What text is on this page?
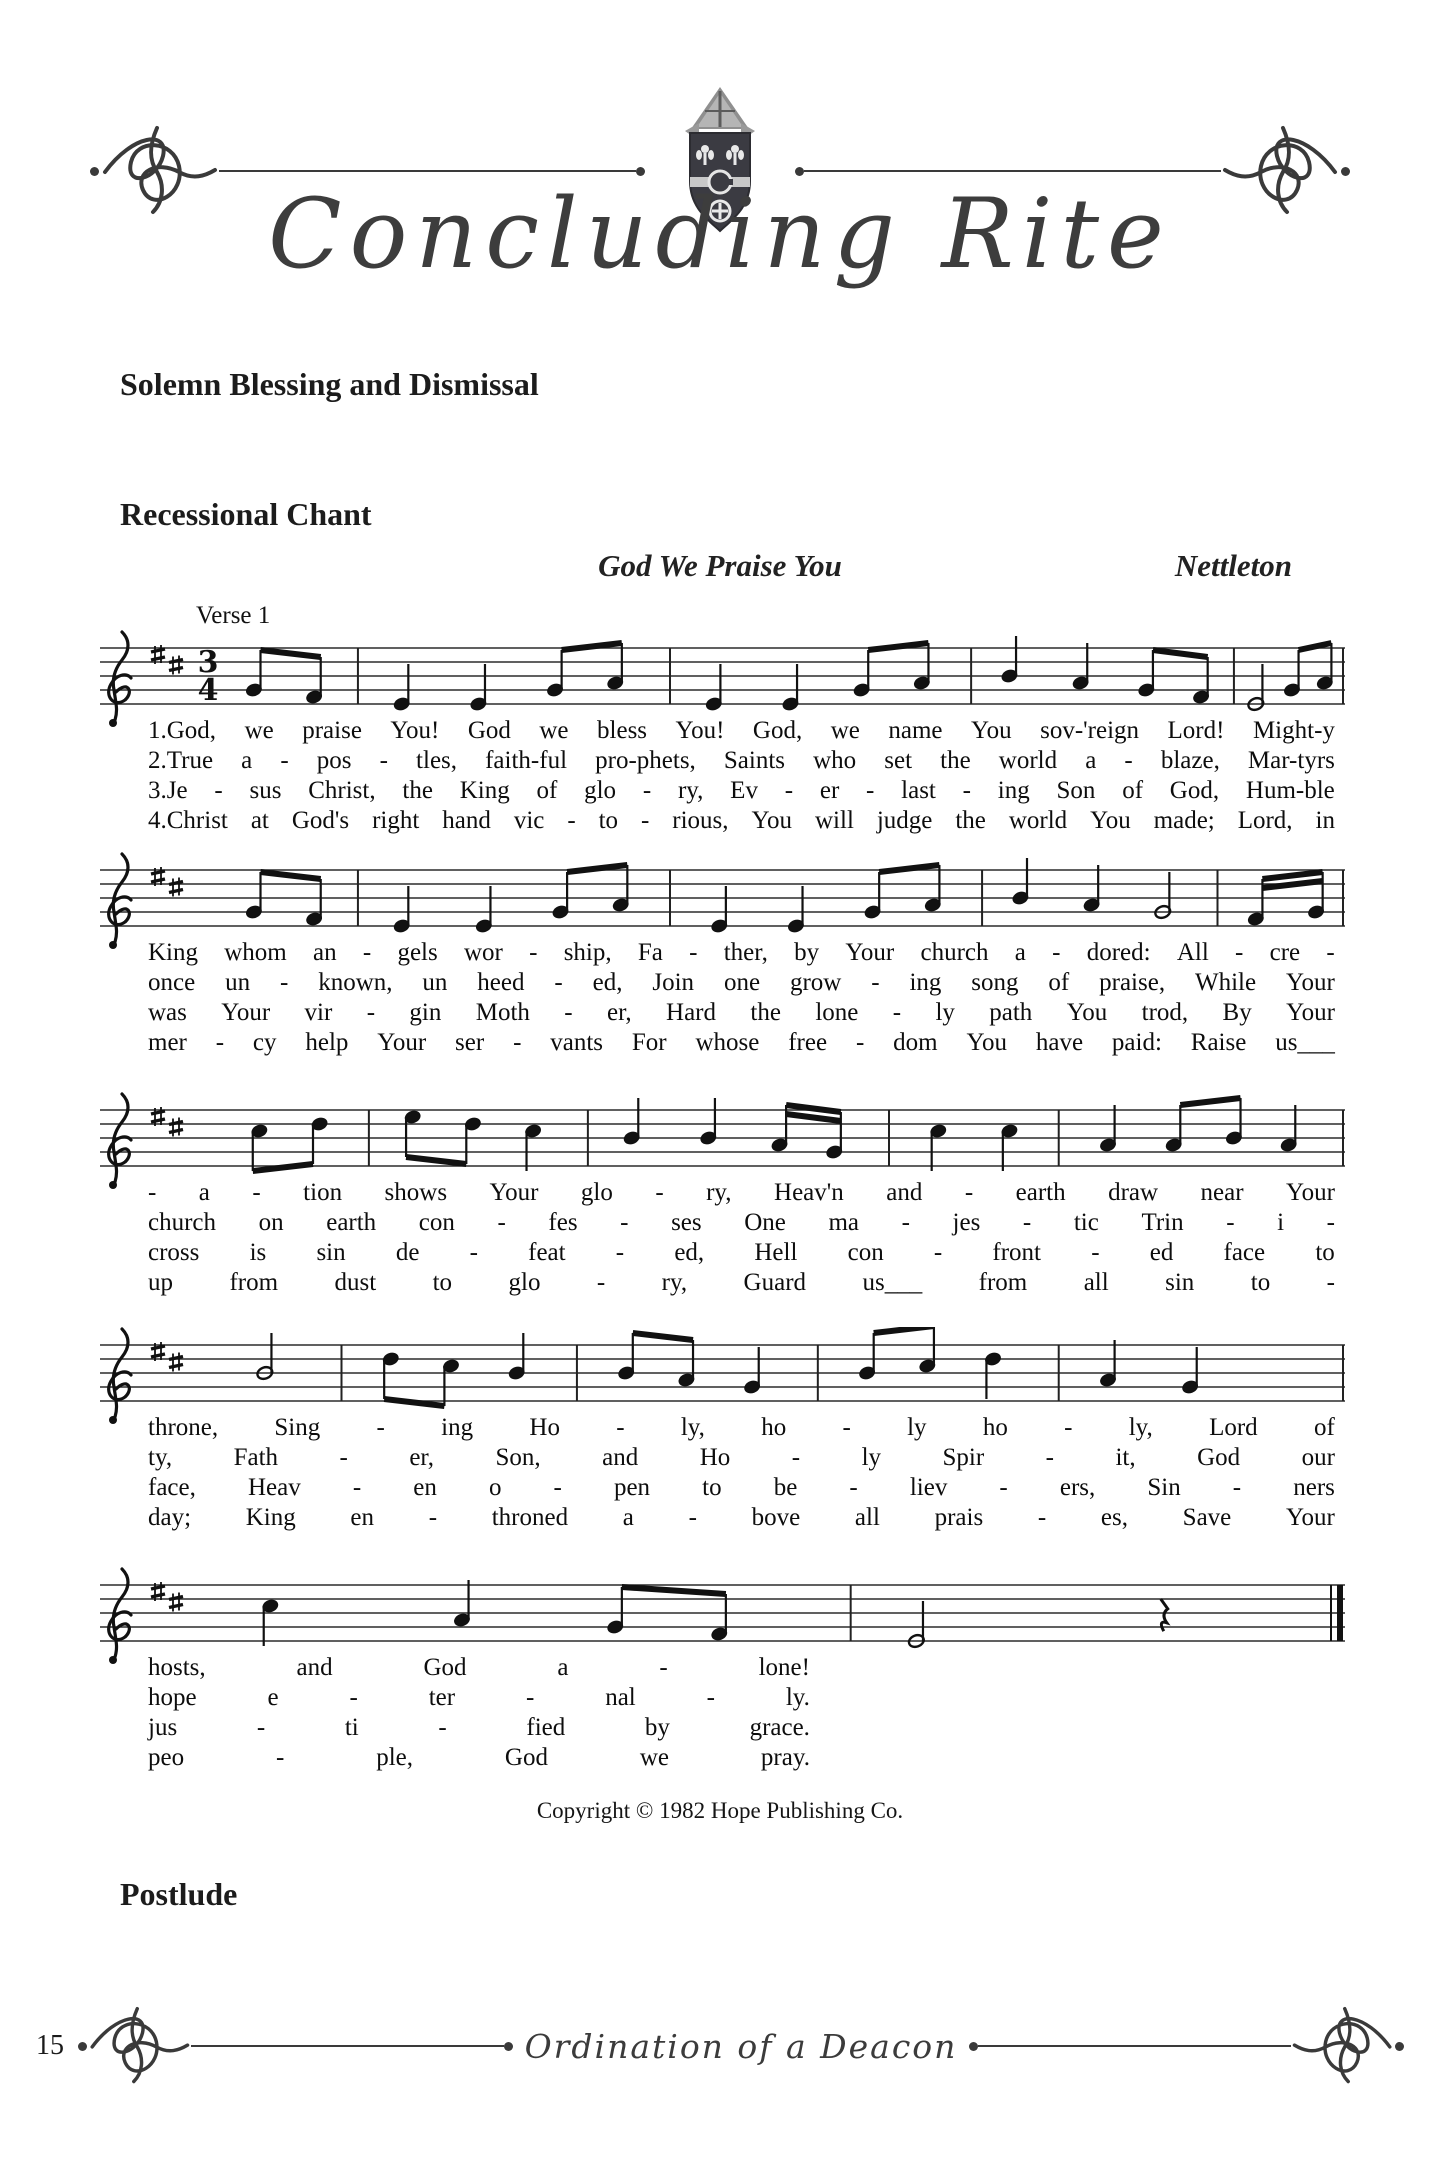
Concluding Rite
Solemn Blessing and Dismissal
Recessional Chant
God We Praise You	Nettleton
Verse 1
3
4
1.God, we praise You! God we bless You! God, we name You sov-'reign Lord! Might-y
2.True a - pos - tles, faith-ful pro-phets, Saints who set the world a - blaze, Mar-tyrs
3.Je - sus Christ, the King of glo - ry, Ev - er - last - ing Son of God, Hum-ble
4.Christ at God's right hand vic - to - rious, You will judge the world You made; Lord, in
King whom an - gels wor - ship, Fa - ther, by Your church a - dored: All - cre -
once un - known, un heed - ed, Join one grow - ing song of praise, While Your
was Your vir - gin Moth - er, Hard the lone - ly path You trod, By Your
mer - cy help Your ser - vants For whose free - dom You have paid: Raise us___
- a - tion shows Your glo - ry, Heav'n and - earth draw near Your
church on earth con - fes - ses One ma - jes - tic Trin - i -
cross is sin de - feat - ed, Hell con - front - ed face to
up from dust to glo - ry, Guard us___ from all sin to -
throne, Sing - ing Ho - ly, ho - ly ho - ly, Lord of
ty, Fath - er, Son, and Ho - ly Spir - it, God our
face, Heav - en o - pen to be - liev - ers, Sin - ners
day; King en - throned a - bove all prais - es, Save Your
hosts,	and	God	a	-	lone!
hope	e	-	ter	-	nal	-	ly.
jus	-	ti	-	fied	by	grace.
peo	-	ple,	God	we	pray.
Copyright © 1982 Hope Publishing Co.
Postlude
15	Ordination of a Deacon
